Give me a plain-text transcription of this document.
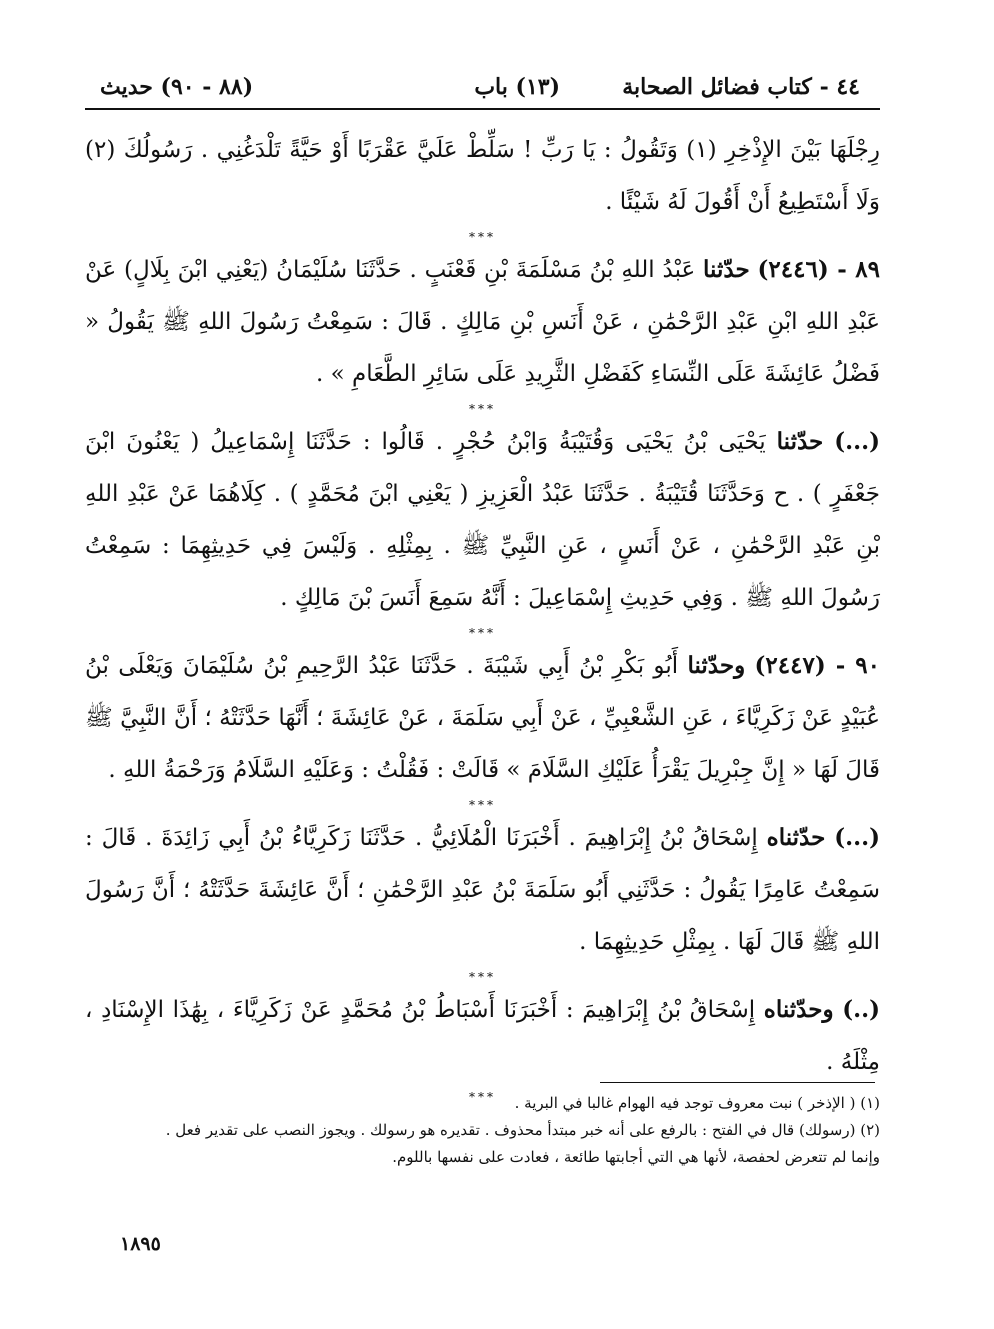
٤٤ - كتاب فضائل الصحابة
(١٣) باب
(٨٨ - ٩٠) حديث

رِجْلَهَا بَيْنَ الإِذْخِرِ (١) وَتَقُولُ : يَا رَبِّ ! سَلِّطْ عَلَيَّ عَقْرَبًا أَوْ حَيَّةً تَلْدَغُنِي . رَسُولُكَ (٢) وَلَا أَسْتَطِيعُ أَنْ أَقُولَ لَهُ شَيْئًا .

***

٨٩ - (٢٤٤٦) حدّثنا عَبْدُ اللهِ بْنُ مَسْلَمَةَ بْنِ قَعْنَبٍ . حَدَّثَنَا سُلَيْمَانُ (يَعْنِي ابْنَ بِلَالٍ) عَنْ عَبْدِ اللهِ ابْنِ عَبْدِ الرَّحْمَٰنِ ، عَنْ أَنَسِ بْنِ مَالِكٍ . قَالَ : سَمِعْتُ رَسُولَ اللهِ ﷺ يَقُولُ « فَضْلُ عَائِشَةَ عَلَى النِّسَاءِ كَفَضْلِ الثَّرِيدِ عَلَى سَائِرِ الطَّعَامِ » .

***

(...) حدّثنا يَحْيَى بْنُ يَحْيَى وَقُتَيْبَةُ وَابْنُ حُجْرٍ . قَالُوا : حَدَّثَنَا إِسْمَاعِيلُ ( يَعْنُونَ ابْنَ جَعْفَرٍ ) . ح وَحَدَّثَنَا قُتَيْبَةُ . حَدَّثَنَا عَبْدُ الْعَزِيزِ ( يَعْنِي ابْنَ مُحَمَّدٍ ) . كِلَاهُمَا عَنْ عَبْدِ اللهِ بْنِ عَبْدِ الرَّحْمَٰنِ ، عَنْ أَنَسٍ ، عَنِ النَّبِيِّ ﷺ . بِمِثْلِهِ . وَلَيْسَ فِي حَدِيثِهِمَا : سَمِعْتُ رَسُولَ اللهِ ﷺ . وَفِي حَدِيثِ إِسْمَاعِيلَ : أَنَّهُ سَمِعَ أَنَسَ بْنَ مَالِكٍ .

***

٩٠ - (٢٤٤٧) وحدّثنا أَبُو بَكْرِ بْنُ أَبِي شَيْبَةَ . حَدَّثَنَا عَبْدُ الرَّحِيمِ بْنُ سُلَيْمَانَ وَيَعْلَى بْنُ عُبَيْدٍ عَنْ زَكَرِيَّاءَ ، عَنِ الشَّعْبِيِّ ، عَنْ أَبِي سَلَمَةَ ، عَنْ عَائِشَةَ ؛ أَنَّهَا حَدَّثَتْهُ ؛ أَنَّ النَّبِيَّ ﷺ قَالَ لَهَا « إِنَّ جِبْرِيلَ يَقْرَأُ عَلَيْكِ السَّلَامَ » قَالَتْ : فَقُلْتُ : وَعَلَيْهِ السَّلَامُ وَرَحْمَةُ اللهِ .

***

(...) حدّثناه إِسْحَاقُ بْنُ إِبْرَاهِيمَ . أَخْبَرَنَا الْمُلَائِيُّ . حَدَّثَنَا زَكَرِيَّاءُ بْنُ أَبِي زَائِدَةَ . قَالَ : سَمِعْتُ عَامِرًا يَقُولُ : حَدَّثَنِي أَبُو سَلَمَةَ بْنُ عَبْدِ الرَّحْمَٰنِ ؛ أَنَّ عَائِشَةَ حَدَّثَتْهُ ؛ أَنَّ رَسُولَ اللهِ ﷺ قَالَ لَهَا . بِمِثْلِ حَدِيثِهِمَا .

***

(..) وحدّثناه إِسْحَاقُ بْنُ إِبْرَاهِيمَ : أَخْبَرَنَا أَسْبَاطُ بْنُ مُحَمَّدٍ عَنْ زَكَرِيَّاءَ ، بِهَٰذَا الإِسْنَادِ ، مِثْلَهُ .

***	(١) ( الإذخر ) نبت معروف توجد فيه الهوام غالبا في البرية .

(٢) (رسولك) قال في الفتح : بالرفع على أنه خبر مبتدأ محذوف . تقديره هو رسولك . ويجوز النصب على تقدير فعل .

وإنما لم تتعرض لحفصة، لأنها هي التي أجابتها طائعة ، فعادت على نفسها باللوم.

١٨٩٥
